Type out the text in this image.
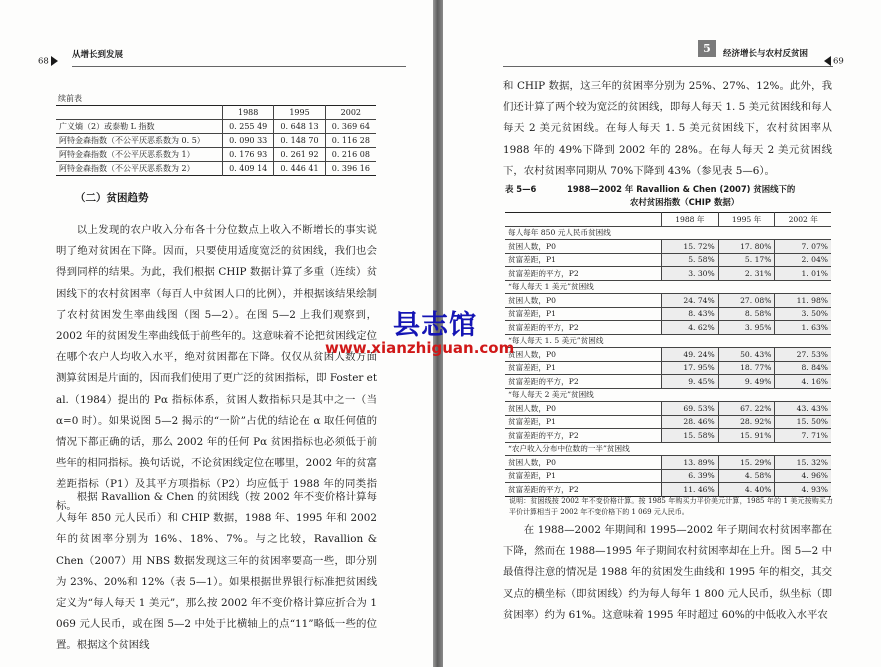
68
从增长到发展
续前表
	1988	1995	2002
广义熵（2）或泰勒 L 指数	0. 255 49	0. 648 13	0. 369 64
阿特金森指数（不公平厌恶系数为 0. 5）	0. 090 33	0. 148 70	0. 116 28
阿特金森指数（不公平厌恶系数为 1）	0. 176 93	0. 261 92	0. 216 08
阿特金森指数（不公平厌恶系数为 2）	0. 409 14	0. 446 41	0. 396 16
（二）贫困趋势

以上发现的农户收入分布各十分位数点上收入不断增长的事实说明了绝对贫困在下降。因而，只要使用适度宽泛的贫困线，我们也会得到同样的结果。为此，我们根据 CHIP 数据计算了多重（连续）贫困线下的农村贫困率（每百人中贫困人口的比例），并根据该结果绘制了农村贫困发生率曲线图（图 5—2）。在图 5—2 上我们观察到，2002 年的贫困发生率曲线低于前些年的。这意味着不论把贫困线定位在哪个农户人均收入水平，绝对贫困都在下降。仅仅从贫困人数方面测算贫困是片面的，因而我们使用了更广泛的贫困指标，即 Foster et al.（1984）提出的 Pα 指标体系，贫困人数指标只是其中之一（当 α=0 时）。如果说图 5—2 揭示的“一阶”占优的结论在 α 取任何值的情况下都正确的话，那么 2002 年的任何 Pα 贫困指标也必须低于前些年的相同指标。换句话说，不论贫困线定位在哪里，2002 年的贫富差距指标（P1）及其平方项指标（P2）均应低于 1988 年的同类指标。

根据 Ravallion & Chen 的贫困线（按 2002 年不变价格计算每人每年 850 元人民币）和 CHIP 数据，1988 年、1995 年和 2002 年的贫困率分别为 16%、18%、7%。与之比较，Ravallion & Chen（2007）用 NBS 数据发现这三年的贫困率要高一些，即分别为 23%、20%和 12%（表 5—1）。如果根据世界银行标准把贫困线定义为“每人每天 1 美元”，那么按 2002 年不变价格计算应折合为 1 069 元人民币，或在图 5—2 中处于比横轴上的点“11”略低一些的位置。根据这个贫困线

5	经济增长与农村反贫困
69

和 CHIP 数据，这三年的贫困率分别为 25%、27%、12%。此外，我们还计算了两个较为宽泛的贫困线，即每人每天 1. 5 美元贫困线和每人每天 2 美元贫困线。在每人每天 1. 5 美元贫困线下，农村贫困率从 1988 年的 49%下降到 2002 年的 28%。在每人每天 2 美元贫困线下，农村贫困率同期从 70%下降到 43%（参见表 5—6）。

表 5—6	1988—2002 年 Ravallion & Chen (2007) 贫困线下的
农村贫困指数（CHIP 数据）
	1988 年	1995 年	2002 年
每人每年 850 元人民币贫困线			
贫困人数，P0	15. 72%	17. 80%	7. 07%
贫富差距，P1	5. 58%	5. 17%	2. 04%
贫富差距的平方，P2	3. 30%	2. 31%	1. 01%
“每人每天 1 美元”贫困线			
贫困人数，P0	24. 74%	27. 08%	11. 98%
贫富差距，P1	8. 43%	8. 58%	3. 50%
贫富差距的平方，P2	4. 62%	3. 95%	1. 63%
“每人每天 1. 5 美元”贫困线			
贫困人数，P0	49. 24%	50. 43%	27. 53%
贫富差距，P1	17. 95%	18. 77%	8. 84%
贫富差距的平方，P2	9. 45%	9. 49%	4. 16%
“每人每天 2 美元”贫困线			
贫困人数，P0	69. 53%	67. 22%	43. 43%
贫富差距，P1	28. 46%	28. 92%	15. 50%
贫富差距的平方，P2	15. 58%	15. 91%	7. 71%
“农户收入分布中位数的一半”贫困线			
贫困人数，P0	13. 89%	15. 29%	15. 32%
贫富差距，P1	6. 39%	4. 58%	4. 96%
贫富差距的平方，P2	11. 46%	4. 40%	4. 93%
说明：贫困线按 2002 年不变价格计算。按 1985 年购买力平价美元计算，1985 年的 1 美元按购买力平价计算相当于 2002 年不变价格下的 1 069 元人民币。

在 1988—2002 年期间和 1995—2002 年子期间农村贫困率都在下降，然而在 1988—1995 年子期间农村贫困率却在上升。图 5—2 中最值得注意的情况是 1988 年的贫困发生曲线和 1995 年的相交，其交叉点的横坐标（即贫困线）约为每人每年 1 800 元人民币，纵坐标（即贫困率）约为 61%。这意味着 1995 年时超过 60%的中低收入水平农

县志馆
www.xianzhiguan.com
